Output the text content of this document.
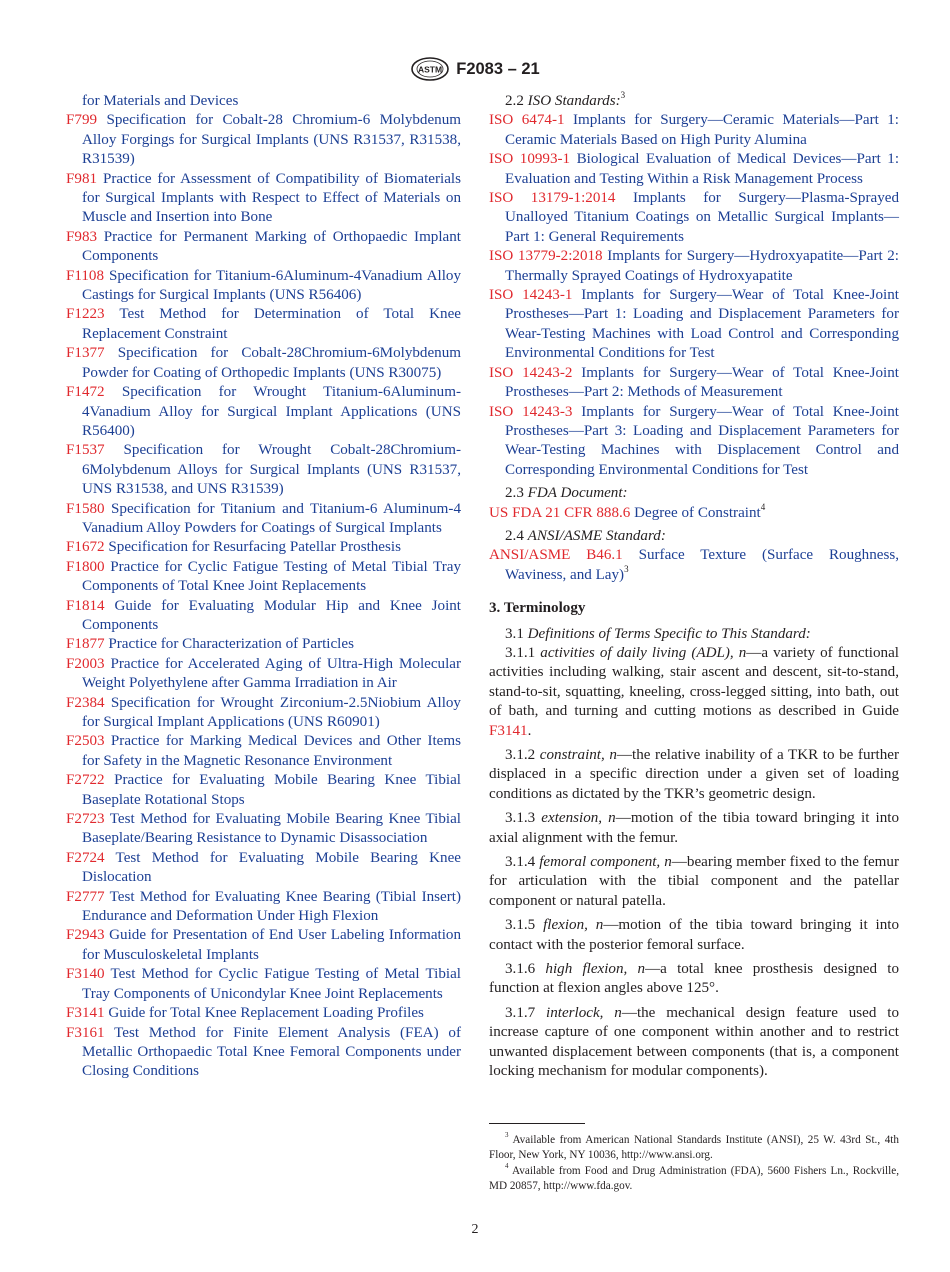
ASTM F2083 – 21

for Materials and Devices

F799 Specification for Cobalt-28 Chromium-6 Molybdenum Alloy Forgings for Surgical Implants (UNS R31537, R31538, R31539)

F981 Practice for Assessment of Compatibility of Biomaterials for Surgical Implants with Respect to Effect of Materials on Muscle and Insertion into Bone

F983 Practice for Permanent Marking of Orthopaedic Implant Components

F1108 Specification for Titanium-6Aluminum-4Vanadium Alloy Castings for Surgical Implants (UNS R56406)

F1223 Test Method for Determination of Total Knee Replacement Constraint

F1377 Specification for Cobalt-28Chromium-6Molybdenum Powder for Coating of Orthopedic Implants (UNS R30075)

F1472 Specification for Wrought Titanium-6Aluminum-4Vanadium Alloy for Surgical Implant Applications (UNS R56400)

F1537 Specification for Wrought Cobalt-28Chromium-6Molybdenum Alloys for Surgical Implants (UNS R31537, UNS R31538, and UNS R31539)

F1580 Specification for Titanium and Titanium-6 Aluminum-4 Vanadium Alloy Powders for Coatings of Surgical Implants

F1672 Specification for Resurfacing Patellar Prosthesis

F1800 Practice for Cyclic Fatigue Testing of Metal Tibial Tray Components of Total Knee Joint Replacements

F1814 Guide for Evaluating Modular Hip and Knee Joint Components

F1877 Practice for Characterization of Particles

F2003 Practice for Accelerated Aging of Ultra-High Molecular Weight Polyethylene after Gamma Irradiation in Air

F2384 Specification for Wrought Zirconium-2.5Niobium Alloy for Surgical Implant Applications (UNS R60901)

F2503 Practice for Marking Medical Devices and Other Items for Safety in the Magnetic Resonance Environment

F2722 Practice for Evaluating Mobile Bearing Knee Tibial Baseplate Rotational Stops

F2723 Test Method for Evaluating Mobile Bearing Knee Tibial Baseplate/Bearing Resistance to Dynamic Disassociation

F2724 Test Method for Evaluating Mobile Bearing Knee Dislocation

F2777 Test Method for Evaluating Knee Bearing (Tibial Insert) Endurance and Deformation Under High Flexion

F2943 Guide for Presentation of End User Labeling Information for Musculoskeletal Implants

F3140 Test Method for Cyclic Fatigue Testing of Metal Tibial Tray Components of Unicondylar Knee Joint Replacements

F3141 Guide for Total Knee Replacement Loading Profiles

F3161 Test Method for Finite Element Analysis (FEA) of Metallic Orthopaedic Total Knee Femoral Components under Closing Conditions

2.2 ISO Standards:$^3$

ISO 6474-1 Implants for Surgery—Ceramic Materials—Part 1: Ceramic Materials Based on High Purity Alumina

ISO 10993-1 Biological Evaluation of Medical Devices—Part 1: Evaluation and Testing Within a Risk Management Process

ISO 13179-1:2014 Implants for Surgery—Plasma-Sprayed Unalloyed Titanium Coatings on Metallic Surgical Implants—Part 1: General Requirements

ISO 13779-2:2018 Implants for Surgery—Hydroxyapatite—Part 2: Thermally Sprayed Coatings of Hydroxyapatite

ISO 14243-1 Implants for Surgery—Wear of Total Knee-Joint Prostheses—Part 1: Loading and Displacement Parameters for Wear-Testing Machines with Load Control and Corresponding Environmental Conditions for Test

ISO 14243-2 Implants for Surgery—Wear of Total Knee-Joint Prostheses—Part 2: Methods of Measurement

ISO 14243-3 Implants for Surgery—Wear of Total Knee-Joint Prostheses—Part 3: Loading and Displacement Parameters for Wear-Testing Machines with Displacement Control and Corresponding Environmental Conditions for Test

2.3 FDA Document:

US FDA 21 CFR 888.6 Degree of Constraint$^4$

2.4 ANSI/ASME Standard:

ANSI/ASME B46.1 Surface Texture (Surface Roughness, Waviness, and Lay)$^3$

3. Terminology

3.1 Definitions of Terms Specific to This Standard:

3.1.1 activities of daily living (ADL), n—a variety of functional activities including walking, stair ascent and descent, sit-to-stand, stand-to-sit, squatting, kneeling, cross-legged sitting, into bath, out of bath, and turning and cutting motions as described in Guide F3141.

3.1.2 constraint, n—the relative inability of a TKR to be further displaced in a specific direction under a given set of loading conditions as dictated by the TKR’s geometric design.

3.1.3 extension, n—motion of the tibia toward bringing it into axial alignment with the femur.

3.1.4 femoral component, n—bearing member fixed to the femur for articulation with the tibial component and the patellar component or natural patella.

3.1.5 flexion, n—motion of the tibia toward bringing it into contact with the posterior femoral surface.

3.1.6 high flexion, n—a total knee prosthesis designed to function at flexion angles above 125°.

3.1.7 interlock, n—the mechanical design feature used to increase capture of one component within another and to restrict unwanted displacement between components (that is, a component locking mechanism for modular components).

$^3$ Available from American National Standards Institute (ANSI), 25 W. 43rd St., 4th Floor, New York, NY 10036, http://www.ansi.org.

$^4$ Available from Food and Drug Administration (FDA), 5600 Fishers Ln., Rockville, MD 20857, http://www.fda.gov.

2
